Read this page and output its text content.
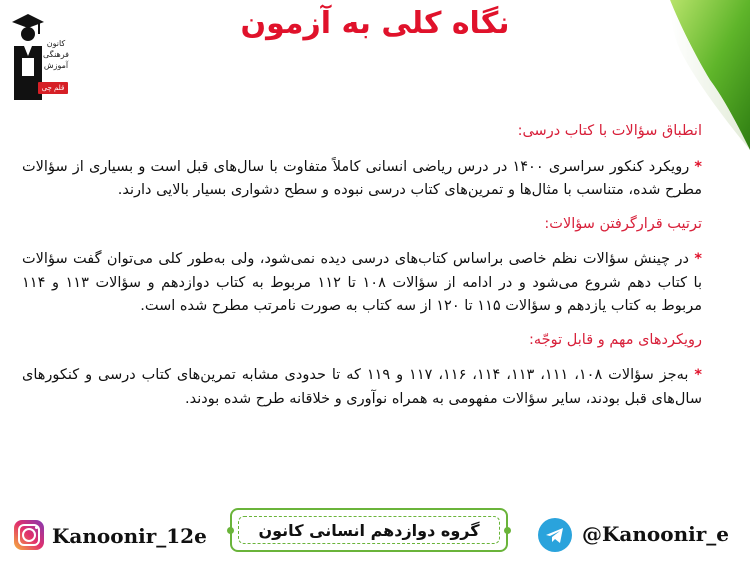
کانون
فرهنگی
آموزش
قلم چی
نگاه کلی به آزمون
انطباق سؤالات با کتاب درسی:
* رویکرد کنکور سراسری ۱۴۰۰ در درس ریاضی انسانی کاملاً متفاوت با سال‌های قبل است و بسیاری از سؤالات مطرح شده، متناسب با مثال‌ها و تمرین‌های کتاب درسی نبوده و سطح دشواری بسیار بالایی دارند.
ترتیب قرارگرفتن سؤالات:
* در چینش سؤالات نظم خاصی براساس کتاب‌های درسی دیده نمی‌شود، ولی به‌طور کلی می‌توان گفت سؤالات با کتاب دهم شروع می‌شود و در ادامه از سؤالات ۱۰۸ تا ۱۱۲ مربوط به کتاب دوازدهم و سؤالات ۱۱۳ و ۱۱۴ مربوط به کتاب یازدهم و سؤالات ۱۱۵ تا ۱۲۰ از سه کتاب به صورت نامرتب مطرح شده است.
رویکردهای مهم و قابل توجّه:
* به‌جز سؤالات ۱۰۸، ۱۱۱، ۱۱۳، ۱۱۴، ۱۱۶، ۱۱۷ و ۱۱۹ که تا حدودی مشابه تمرین‌های کتاب درسی و کنکورهای سال‌های قبل بودند، سایر سؤالات مفهومی به همراه نوآوری و خلاقانه طرح شده بودند.
Kanoonir_12e	گروه دوازدهم انسانی کانون	@Kanoonir_e
